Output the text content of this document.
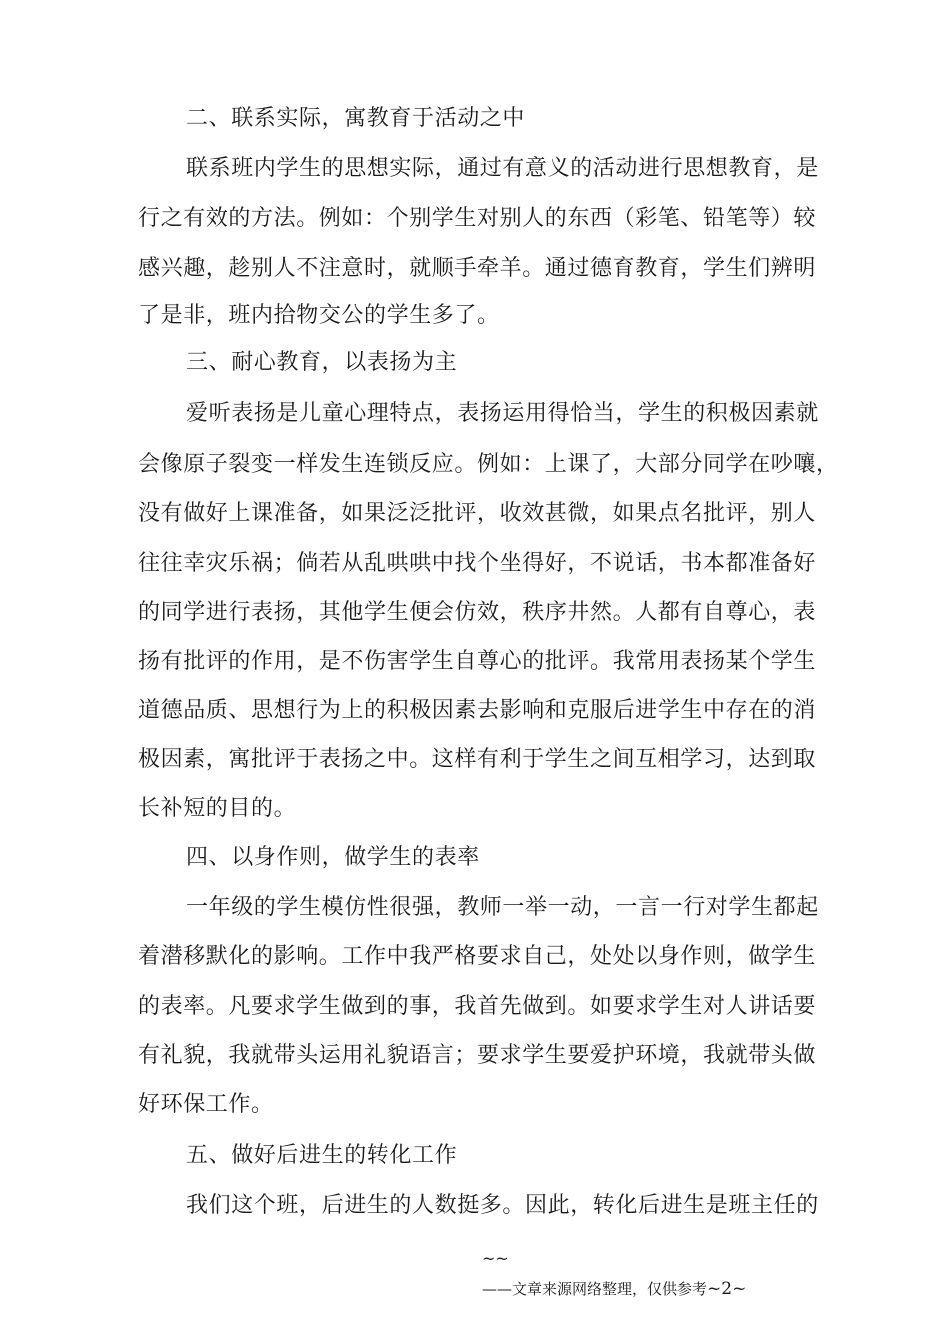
二、联系实际，寓教育于活动之中
联系班内学生的思想实际，通过有意义的活动进行思想教育，是
行之有效的方法。例如：个别学生对别人的东西（彩笔、铅笔等）较
感兴趣，趁别人不注意时，就顺手牵羊。通过德育教育，学生们辨明
了是非，班内拾物交公的学生多了。
三、耐心教育，以表扬为主
爱听表扬是儿童心理特点，表扬运用得恰当，学生的积极因素就
会像原子裂变一样发生连锁反应。例如：上课了，大部分同学在吵嚷，
没有做好上课准备，如果泛泛批评，收效甚微，如果点名批评，别人
往往幸灾乐祸；倘若从乱哄哄中找个坐得好，不说话，书本都准备好
的同学进行表扬，其他学生便会仿效，秩序井然。人都有自尊心，表
扬有批评的作用，是不伤害学生自尊心的批评。我常用表扬某个学生
道德品质、思想行为上的积极因素去影响和克服后进学生中存在的消
极因素，寓批评于表扬之中。这样有利于学生之间互相学习，达到取
长补短的目的。
四、以身作则，做学生的表率
一年级的学生模仿性很强，教师一举一动，一言一行对学生都起
着潜移默化的影响。工作中我严格要求自己，处处以身作则，做学生
的表率。凡要求学生做到的事，我首先做到。如要求学生对人讲话要
有礼貌，我就带头运用礼貌语言；要求学生要爱护环境，我就带头做
好环保工作。
五、做好后进生的转化工作
我们这个班，后进生的人数挺多。因此，转化后进生是班主任的
~~
——文章来源网络整理，仅供参考~2~
